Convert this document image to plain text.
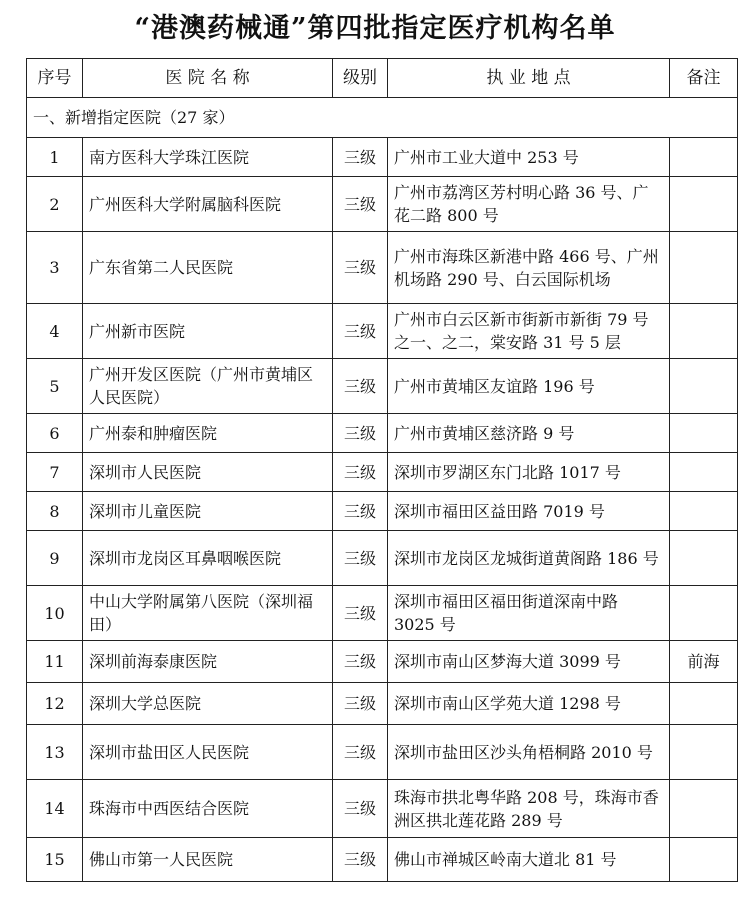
“港澳药械通”第四批指定医疗机构名单
序号	医 院 名 称	级别	执 业 地 点	备注
一、新增指定医院（27 家）				
1	南方医科大学珠江医院	三级	广州市工业大道中 253 号	
2	广州医科大学附属脑科医院	三级	广州市荔湾区芳村明心路 36 号、广花二路 800 号	
3	广东省第二人民医院	三级	广州市海珠区新港中路 466 号、广州机场路 290 号、白云国际机场	
4	广州新市医院	三级	广州市白云区新市街新市新街 79 号之一、之二，棠安路 31 号 5 层	
5	广州开发区医院（广州市黄埔区人民医院）	三级	广州市黄埔区友谊路 196 号	
6	广州泰和肿瘤医院	三级	广州市黄埔区慈济路 9 号	
7	深圳市人民医院	三级	深圳市罗湖区东门北路 1017 号	
8	深圳市儿童医院	三级	深圳市福田区益田路 7019 号	
9	深圳市龙岗区耳鼻咽喉医院	三级	深圳市龙岗区龙城街道黄阁路 186 号	
10	中山大学附属第八医院（深圳福田）	三级	深圳市福田区福田街道深南中路 3025 号	
11	深圳前海泰康医院	三级	深圳市南山区梦海大道 3099 号	前海
12	深圳大学总医院	三级	深圳市南山区学苑大道 1298 号	
13	深圳市盐田区人民医院	三级	深圳市盐田区沙头角梧桐路 2010 号	
14	珠海市中西医结合医院	三级	珠海市拱北粤华路 208 号，珠海市香洲区拱北莲花路 289 号	
15	佛山市第一人民医院	三级	佛山市禅城区岭南大道北 81 号	
